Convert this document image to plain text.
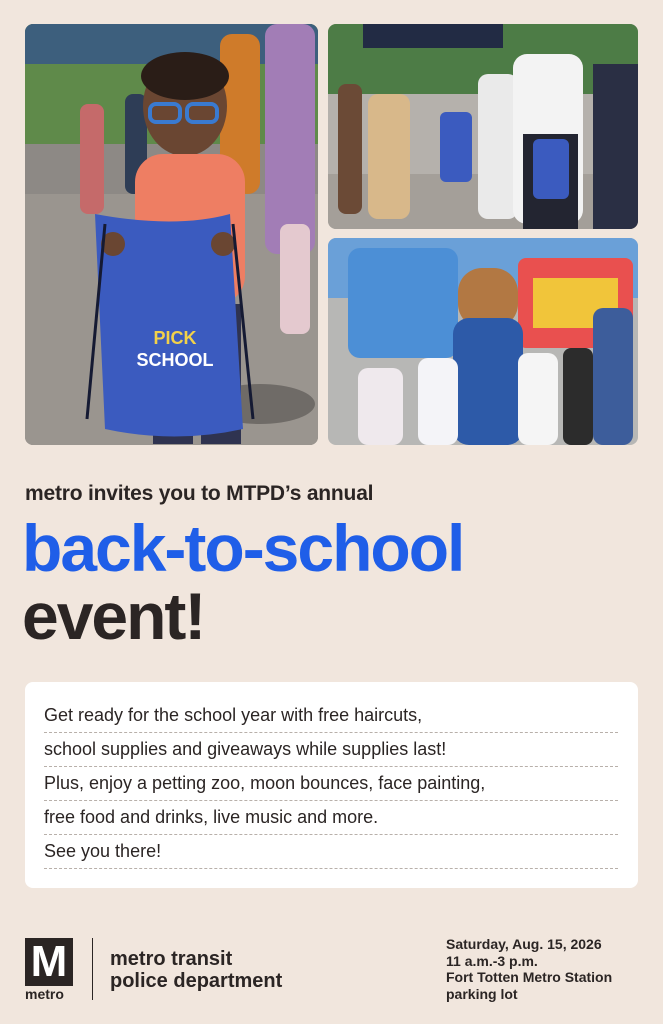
PICK
SCHOOL
metro invites you to MTPD’s annual
back-to-school
event!
Get ready for the school year with free haircuts,
school supplies and giveaways while supplies last!
Plus, enjoy a petting zoo, moon bounces, face painting,
free food and drinks, live music and more.
See you there!
M
metro
metro transit
police department
Saturday, Aug. 15, 2026
11 a.m.-3 p.m.
Fort Totten Metro Station
parking lot
